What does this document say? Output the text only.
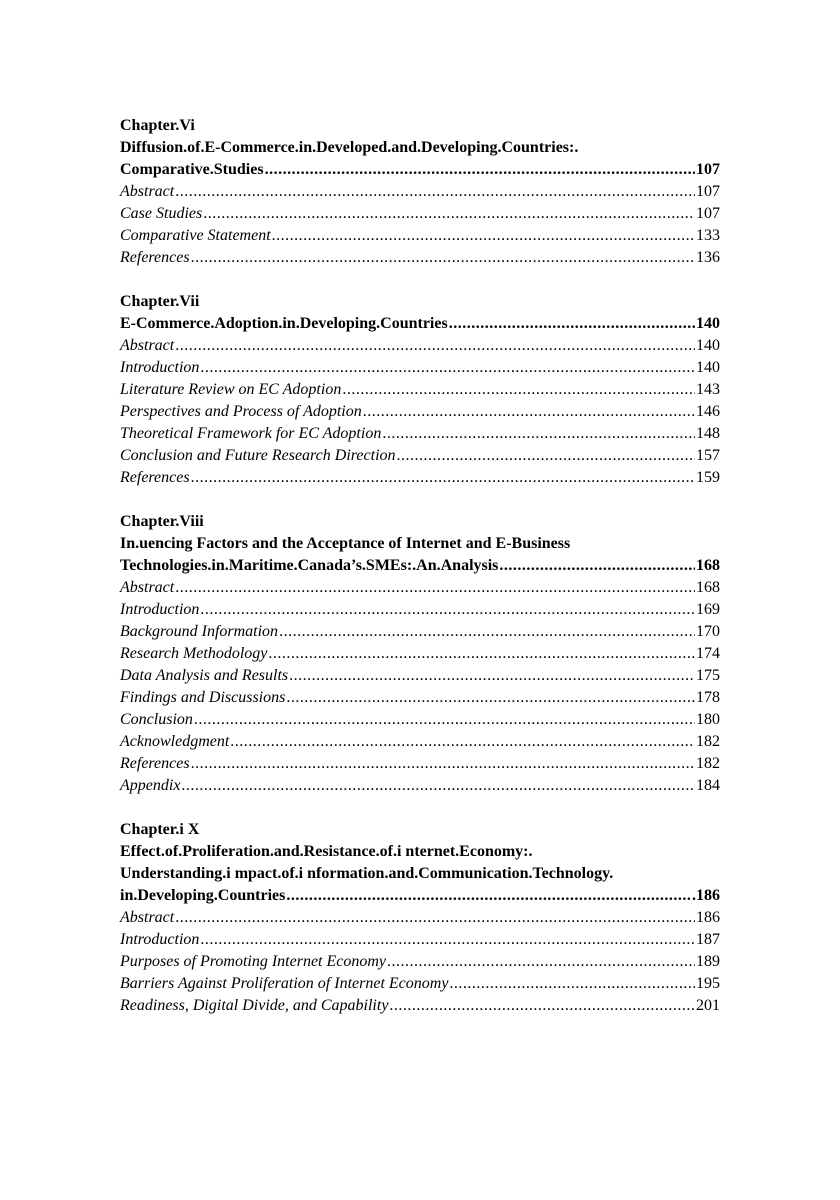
Chapter.Vi
Diffusion.of.E-Commerce.in.Developed.and.Developing.Countries:.
Comparative.Studies .....	107
Abstract .....	107
Case Studies .....	107
Comparative Statement .....	133
References .....	136
Chapter.Vii
E-Commerce.Adoption.in.Developing.Countries .....	140
Abstract .....	140
Introduction .....	140
Literature Review on EC Adoption .....	143
Perspectives and Process of Adoption .....	146
Theoretical Framework for EC Adoption .....	148
Conclusion and Future Research Direction .....	157
References .....	159
Chapter.Viii
In.uencing Factors and the Acceptance of Internet and E-Business
Technologies.in.Maritime.Canada’s.SMEs:.An.Analysis .....	168
Abstract .....	168
Introduction .....	169
Background Information .....	170
Research Methodology .....	174
Data Analysis and Results .....	175
Findings and Discussions .....	178
Conclusion .....	180
Acknowledgment .....	182
References .....	182
Appendix .....	184
Chapter.i X
Effect.of.Proliferation.and.Resistance.of.i nternet.Economy:.
Understanding.i mpact.of.i nformation.and.Communication.Technology.
in.Developing.Countries .....	.186
Abstract .....	186
Introduction .....	187
Purposes of Promoting Internet Economy .....	189
Barriers Against Proliferation of Internet Economy .....	195
Readiness, Digital Divide, and Capability .....	201
